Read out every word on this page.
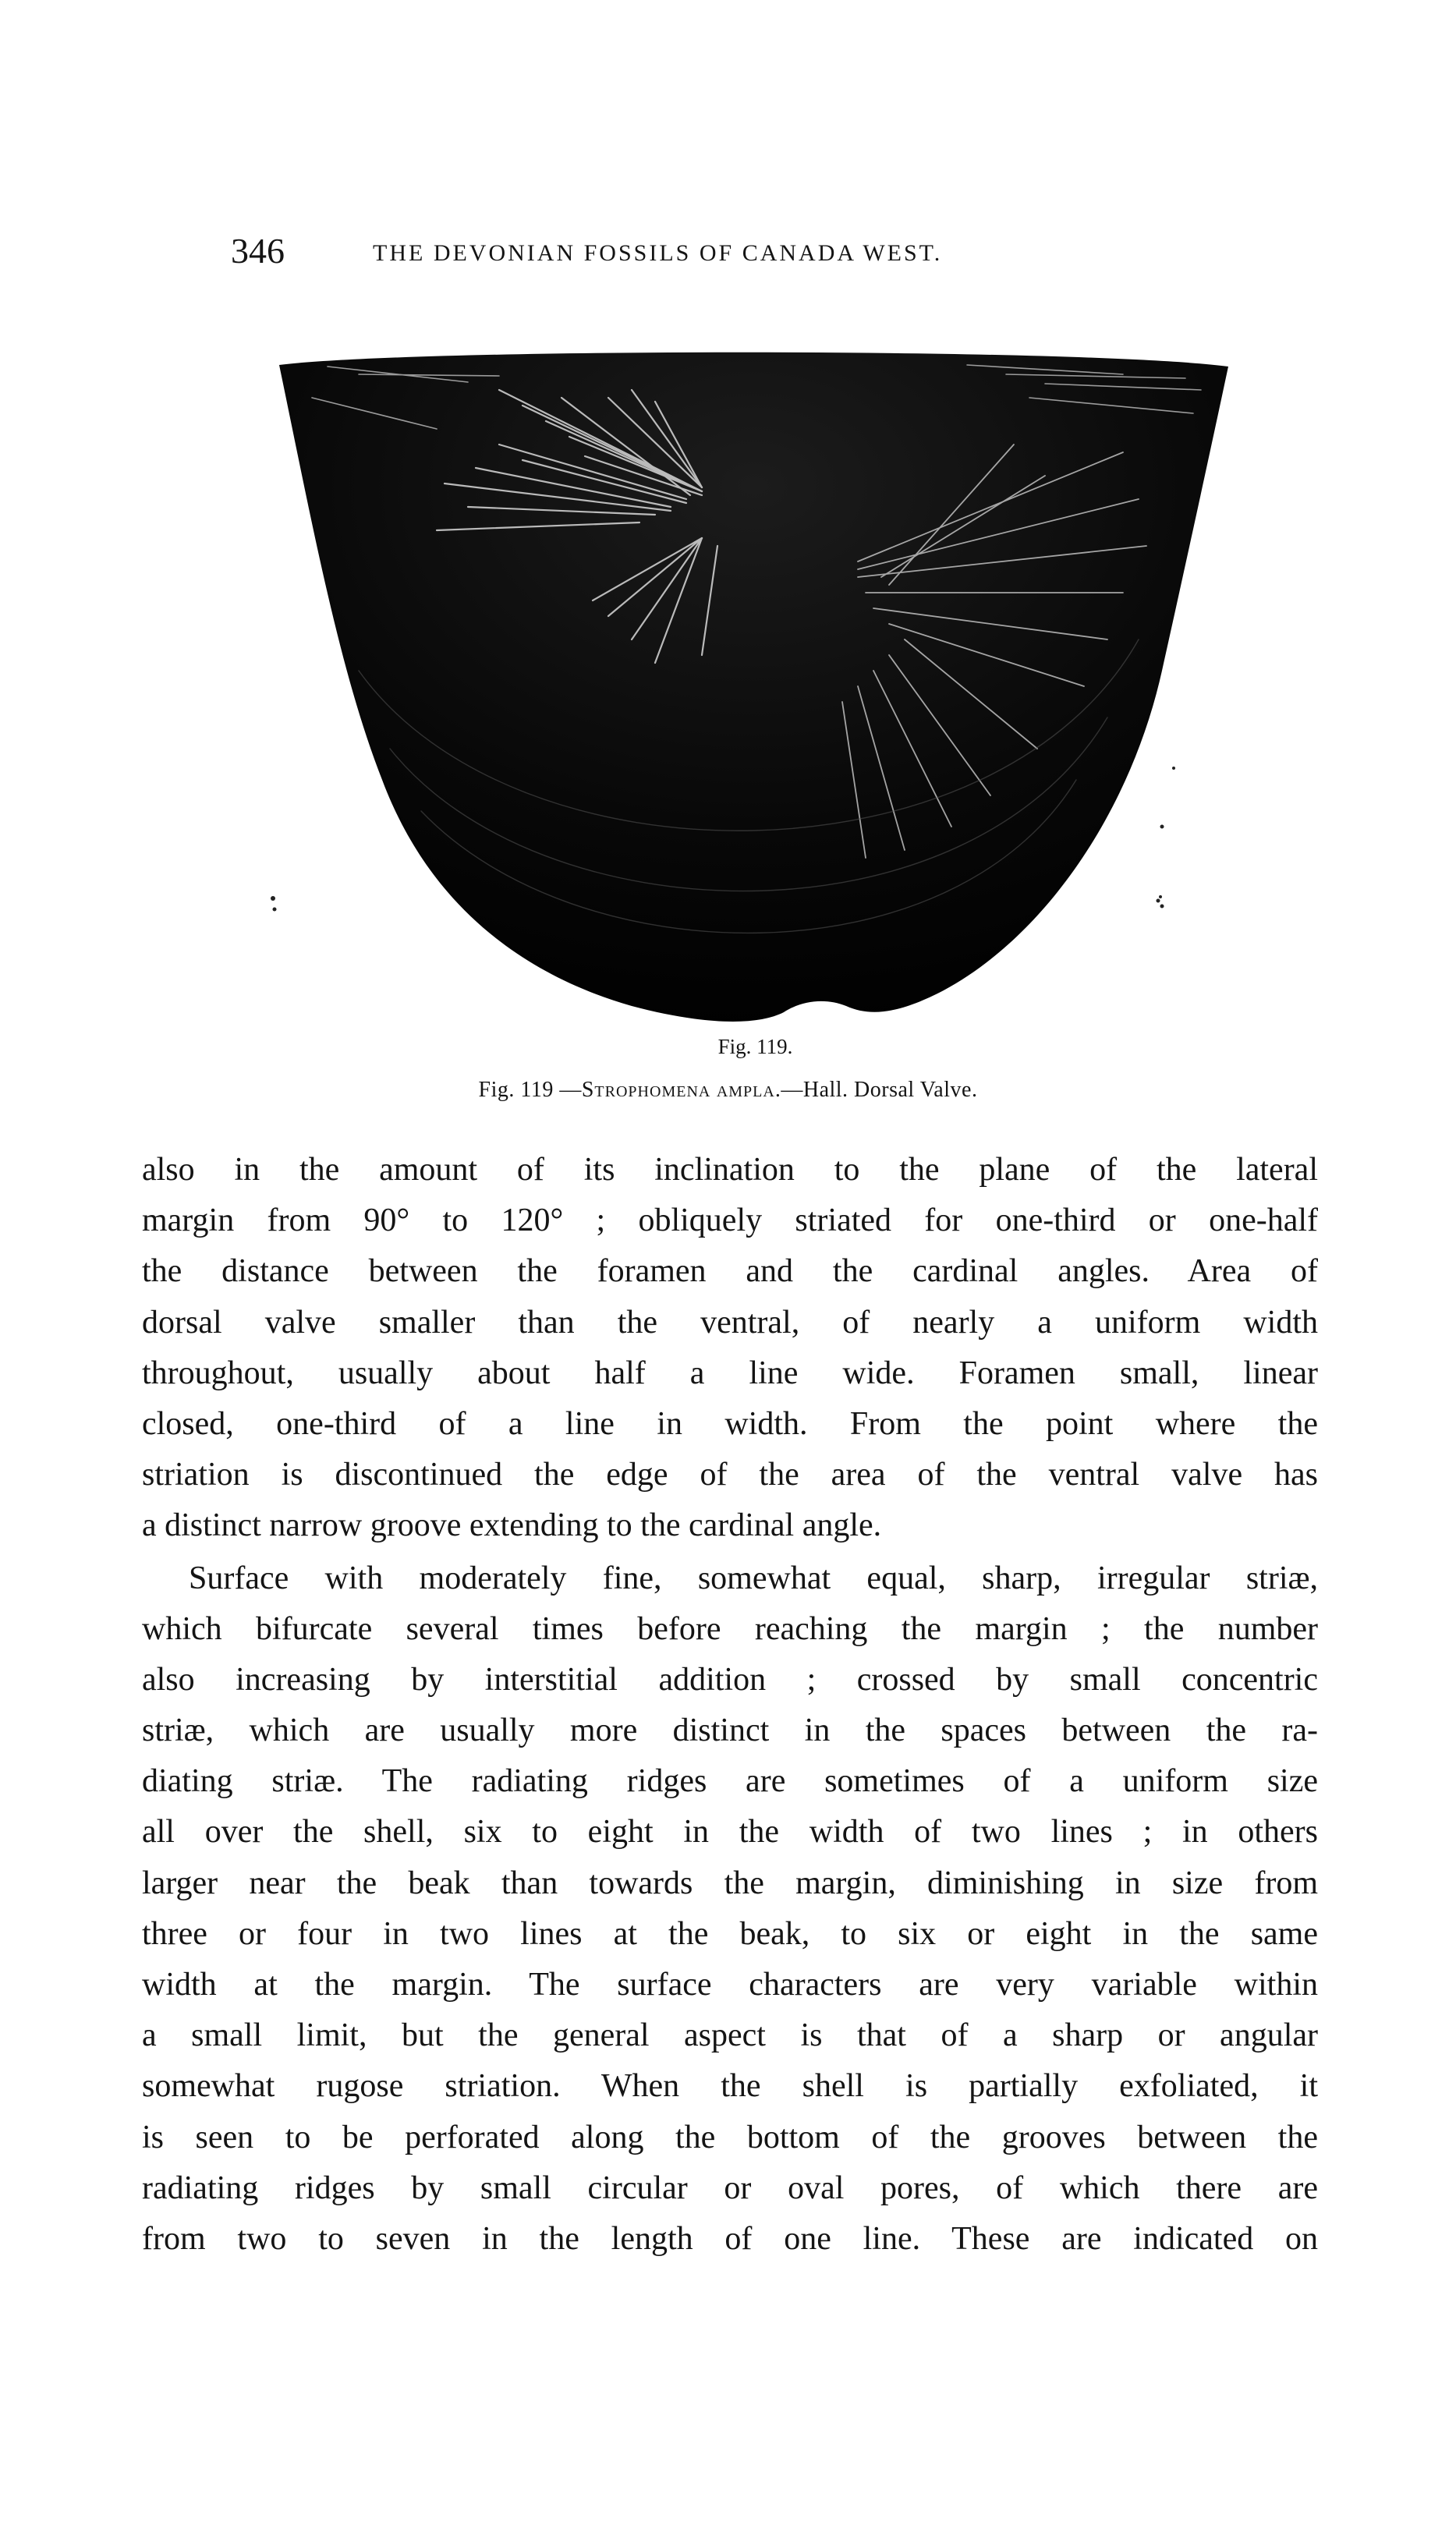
346	THE DEVONIAN FOSSILS OF CANADA WEST.
Fig. 119.
Fig. 119 —Strophomena ampla.—Hall. Dorsal Valve.
also in the amount of its inclination to the plane of the lateral
margin from 90° to 120° ; obliquely striated for one-third or one-half
the distance between the foramen and the cardinal angles. Area of
dorsal valve smaller than the ventral, of nearly a uniform width
throughout, usually about half a line wide. Foramen small, linear
closed, one-third of a line in width. From the point where the
striation is discontinued the edge of the area of the ventral valve has
a distinct narrow groove extending to the cardinal angle.
Surface with moderately fine, somewhat equal, sharp, irregular striæ,
which bifurcate several times before reaching the margin ; the number
also increasing by interstitial addition ; crossed by small concentric
striæ, which are usually more distinct in the spaces between the ra-
diating striæ. The radiating ridges are sometimes of a uniform size
all over the shell, six to eight in the width of two lines ; in others
larger near the beak than towards the margin, diminishing in size from
three or four in two lines at the beak, to six or eight in the same
width at the margin. The surface characters are very variable within
a small limit, but the general aspect is that of a sharp or angular
somewhat rugose striation. When the shell is partially exfoliated, it
is seen to be perforated along the bottom of the grooves between the
radiating ridges by small circular or oval pores, of which there are
from two to seven in the length of one line. These are indicated on
